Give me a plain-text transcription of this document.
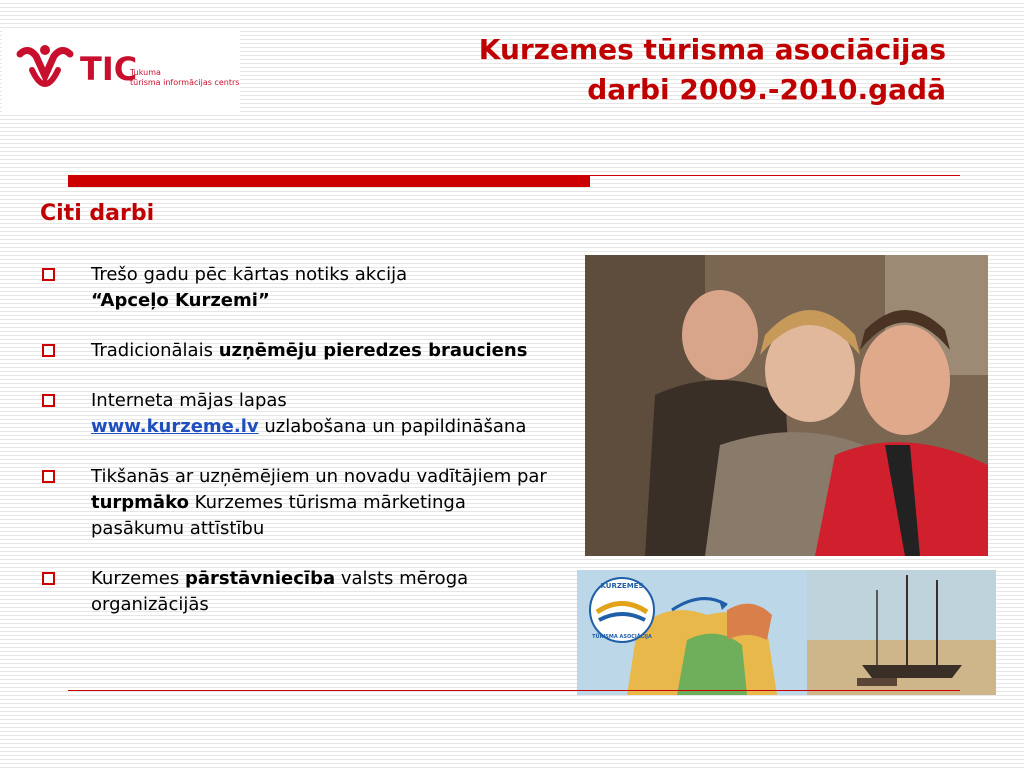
TIC
Tukuma
tūrisma informācijas centrs
Kurzemes tūrisma asociācijas
darbi 2009.-2010.gadā
Citi darbi
Trešo gadu pēc kārtas notiks akcija
“Apceļo Kurzemi”
Tradicionālais uzņēmēju pieredzes brauciens
Interneta mājas lapas
www.kurzeme.lv uzlabošana un papildināšana
Tikšanās ar uzņēmējiem un novadu vadītājiem par turpmāko Kurzemes tūrisma mārketinga pasākumu attīstību
Kurzemes pārstāvniecība valsts mēroga organizācijās
KURZEMES
TŪRISMA ASOCIĀCIJA
